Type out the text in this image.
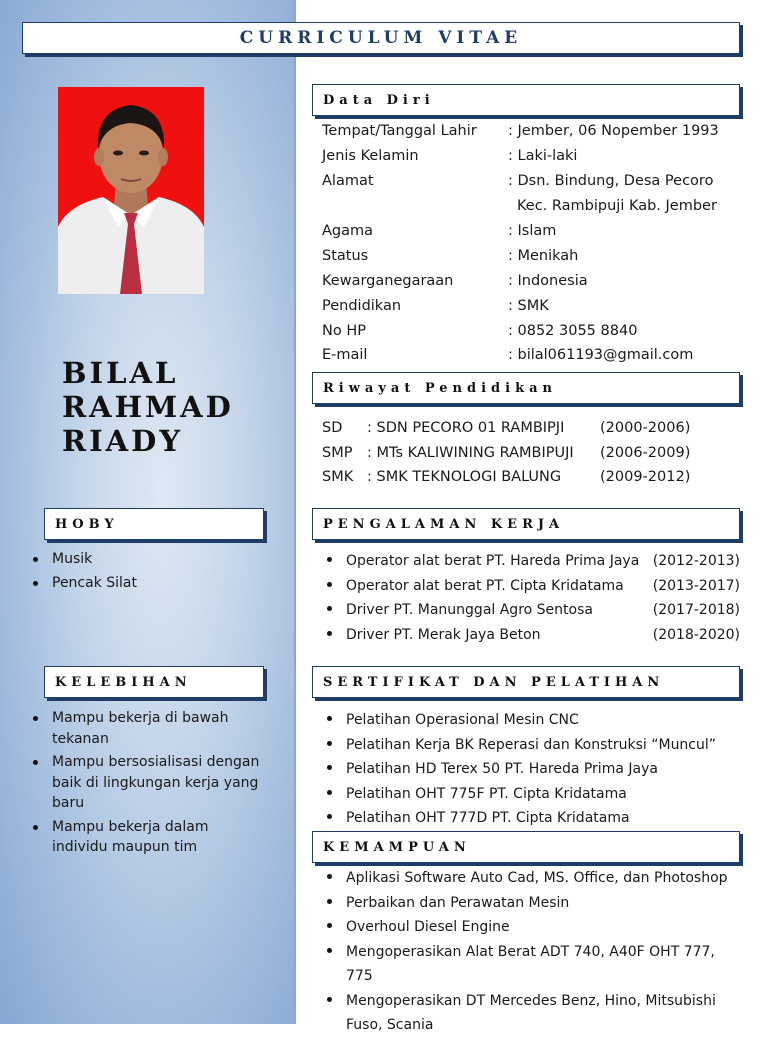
CURRICULUM VITAE
BILAL
RAHMAD
RIADY
HOBY
Musik
Pencak Silat
KELEBIHAN
Mampu bekerja di bawah tekanan
Mampu bersosialisasi dengan baik di lingkungan kerja yang baru
Mampu bekerja dalam individu maupun tim
Data Diri
Tempat/Tanggal Lahir	: Jember, 06 Nopember 1993
Jenis Kelamin	: Laki-laki
Alamat	: Dsn. Bindung, Desa Pecoro
Kec. Rambipuji Kab. Jember
Agama	: Islam
Status	: Menikah
Kewarganegaraan	: Indonesia
Pendidikan	: SMK
No HP	: 0852 3055 8840
E-mail	: bilal061193@gmail.com
Riwayat Pendidikan
SD	: SDN PECORO 01 RAMBIPJI	(2000-2006)
SMP	: MTs KALIWINING RAMBIPUJI	(2006-2009)
SMK : SMK TEKNOLOGI BALUNG	(2009-2012)
PENGALAMAN KERJA
Operator alat berat PT. Hareda Prima Jaya (2012-2013)
Operator alat berat PT. Cipta Kridatama (2013-2017)
Driver PT. Manunggal Agro Sentosa	(2017-2018)
Driver PT. Merak Jaya Beton	(2018-2020)
SERTIFIKAT DAN PELATIHAN
Pelatihan Operasional Mesin CNC
Pelatihan Kerja BK Reperasi dan Konstruksi “Muncul”
Pelatihan HD Terex 50 PT. Hareda Prima Jaya
Pelatihan OHT 775F PT. Cipta Kridatama
Pelatihan OHT 777D PT. Cipta Kridatama
KEMAMPUAN
Aplikasi Software Auto Cad, MS. Office, dan Photoshop
Perbaikan dan Perawatan Mesin
Overhoul Diesel Engine
Mengoperasikan Alat Berat ADT 740, A40F OHT 777, 775
Mengoperasikan DT Mercedes Benz, Hino, Mitsubishi Fuso, Scania
